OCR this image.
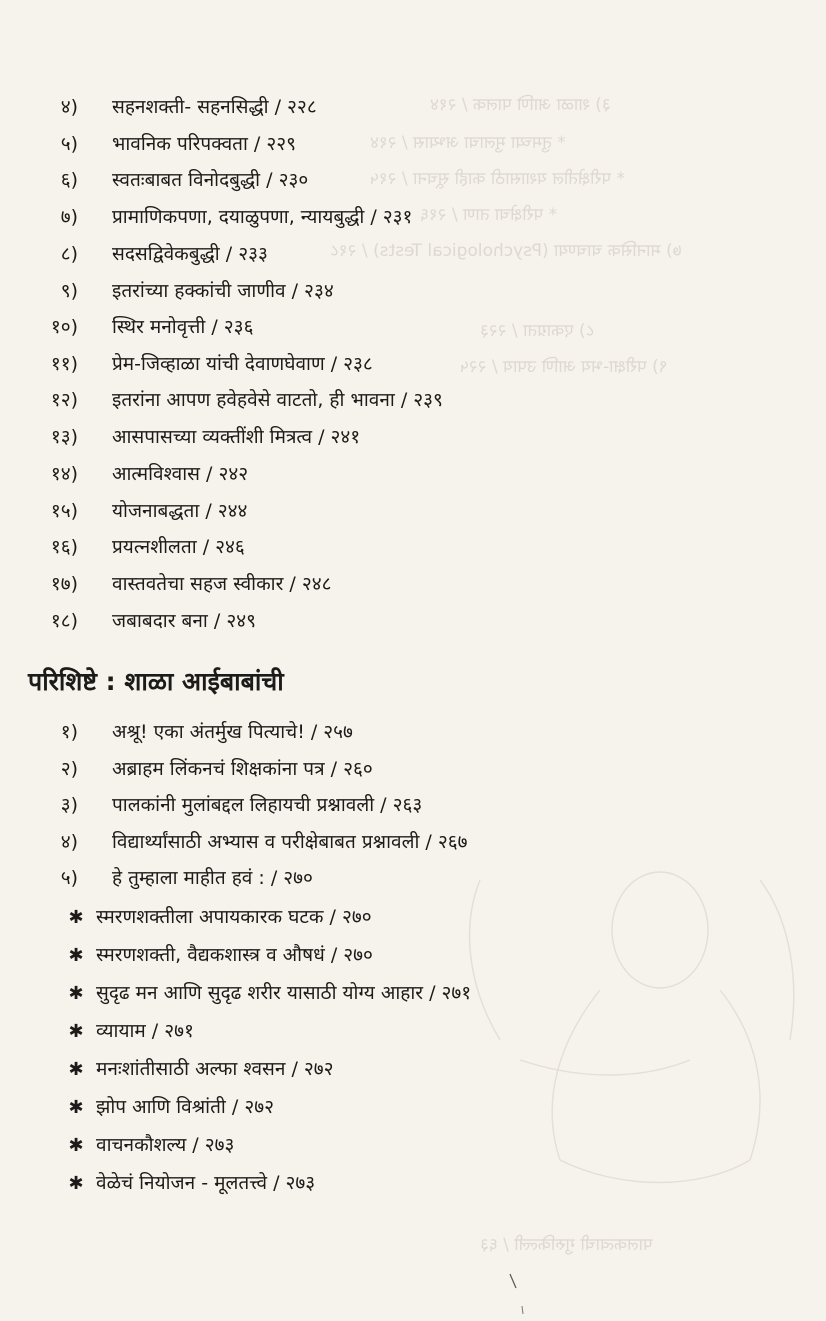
३) शाळा आणि पालक / २१४
* तुमच्या मुलाचा अभ्यास / २१४
* परीक्षेतील यशासाठी काही सूचना / २१५
* परीक्षेचा ताण / २१६
७) मानसिक चाचण्या (Psychological Tests) / २१८
८) एकाग्रता / २२३
९) परीक्षा-भय आणि उपाय / २२५
पालकत्वाची गुरुकिल्ली / ६३
४) सहनशक्ती- सहनसिद्धी / २२८
५) भावनिक परिपक्वता / २२९
६) स्वतःबाबत विनोदबुद्धी / २३०
७) प्रामाणिकपणा, दयाळुपणा, न्यायबुद्धी / २३१
८) सदसद्विवेकबुद्धी / २३३
९) इतरांच्या हक्कांची जाणीव / २३४
१०) स्थिर मनोवृत्ती / २३६
११) प्रेम-जिव्हाळा यांची देवाणघेवाण / २३८
१२) इतरांना आपण हवेहवेसे वाटतो, ही भावना / २३९
१३) आसपासच्या व्यक्तींशी मित्रत्व / २४१
१४) आत्मविश्वास / २४२
१५) योजनाबद्धता / २४४
१६) प्रयत्नशीलता / २४६
१७) वास्तवतेचा सहज स्वीकार / २४८
१८) जबाबदार बना / २४९
परिशिष्टे : शाळा आईबाबांची
१) अश्रू! एका अंतर्मुख पित्याचे! / २५७
२) अब्राहम लिंकनचं शिक्षकांना पत्र / २६०
३) पालकांनी मुलांबद्दल लिहायची प्रश्नावली / २६३
४) विद्यार्थ्यांसाठी अभ्यास व परीक्षेबाबत प्रश्नावली / २६७
५) हे तुम्हाला माहीत हवं : / २७०
✱ स्मरणशक्तीला अपायकारक घटक / २७०
✱ स्मरणशक्ती, वैद्यकशास्त्र व औषधं / २७०
✱ सुदृढ मन आणि सुदृढ शरीर यासाठी योग्य आहार / २७१
✱ व्यायाम / २७१
✱ मनःशांतीसाठी अल्फा श्वसन / २७२
✱ झोप आणि विश्रांती / २७२
✱ वाचनकौशल्य / २७३
✱ वेळेचं नियोजन - मूलतत्त्वे / २७३
